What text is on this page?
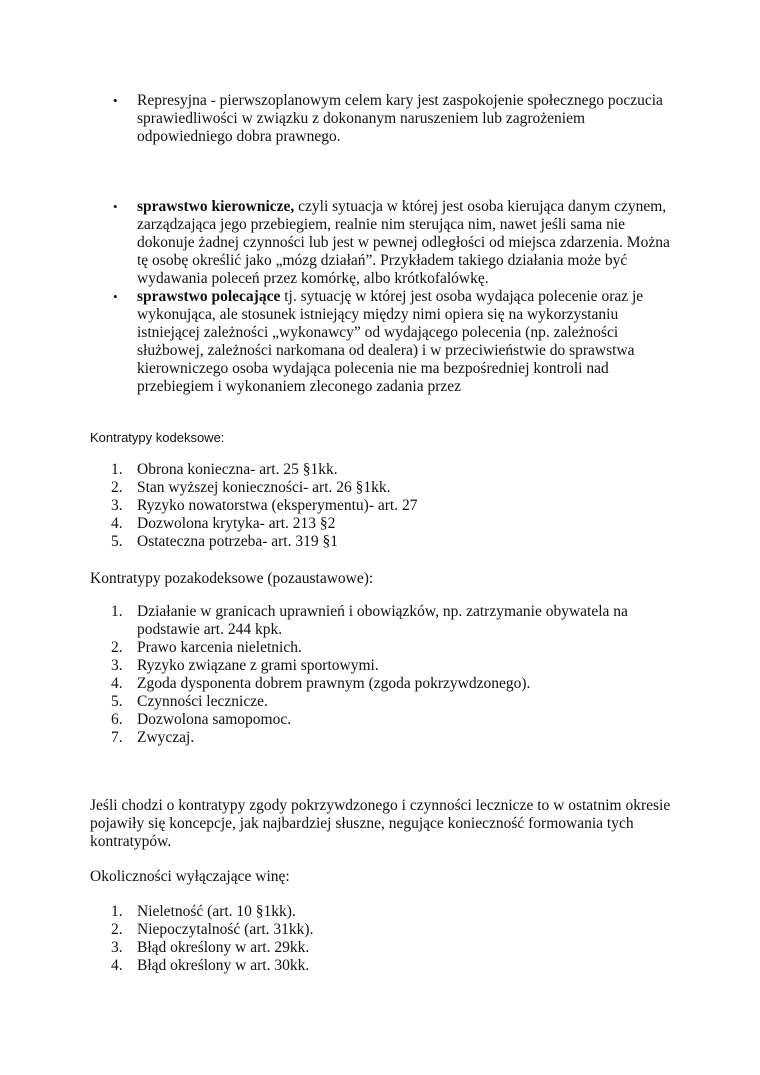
• Represyjna - pierwszoplanowym celem kary jest zaspokojenie społecznego poczucia sprawiedliwości w związku z dokonanym naruszeniem lub zagrożeniem odpowiedniego dobra prawnego.
• sprawstwo kierownicze, czyli sytuacja w której jest osoba kierująca danym czynem, zarządzająca jego przebiegiem, realnie nim sterująca nim, nawet jeśli sama nie dokonuje żadnej czynności lub jest w pewnej odległości od miejsca zdarzenia. Można tę osobę określić jako „mózg działań”. Przykładem takiego działania może być wydawania poleceń przez komórkę, albo krótkofalówkę.
• sprawstwo polecające tj. sytuację w której jest osoba wydająca polecenie oraz je wykonująca, ale stosunek istniejący między nimi opiera się na wykorzystaniu istniejącej zależności „wykonawcy” od wydającego polecenia (np. zależności służbowej, zależności narkomana od dealera) i w przeciwieństwie do sprawstwa kierowniczego osoba wydająca polecenia nie ma bezpośredniej kontroli nad przebiegiem i wykonaniem zleconego zadania przez
Kontratypy kodeksowe:
1. Obrona konieczna- art. 25 §1kk.
2. Stan wyższej konieczności- art. 26 §1kk.
3. Ryzyko nowatorstwa (eksperymentu)- art. 27
4. Dozwolona krytyka- art. 213 §2
5. Ostateczna potrzeba- art. 319 §1

Kontratypy pozakodeksowe (pozaustawowe):

1. Działanie w granicach uprawnień i obowiązków, np. zatrzymanie obywatela na podstawie art. 244 kpk.
2. Prawo karcenia nieletnich.
3. Ryzyko związane z grami sportowymi.
4. Zgoda dysponenta dobrem prawnym (zgoda pokrzywdzonego).
5. Czynności lecznicze.
6. Dozwolona samopomoc.
7. Zwyczaj.

Jeśli chodzi o kontratypy zgody pokrzywdzonego i czynności lecznicze to w ostatnim okresie pojawiły się koncepcje, jak najbardziej słuszne, negujące konieczność formowania tych kontratypów.

Okoliczności wyłączające winę:

1. Nieletność (art. 10 §1kk).
2. Niepoczytalność (art. 31kk).
3. Błąd określony w art. 29kk.
4. Błąd określony w art. 30kk.
